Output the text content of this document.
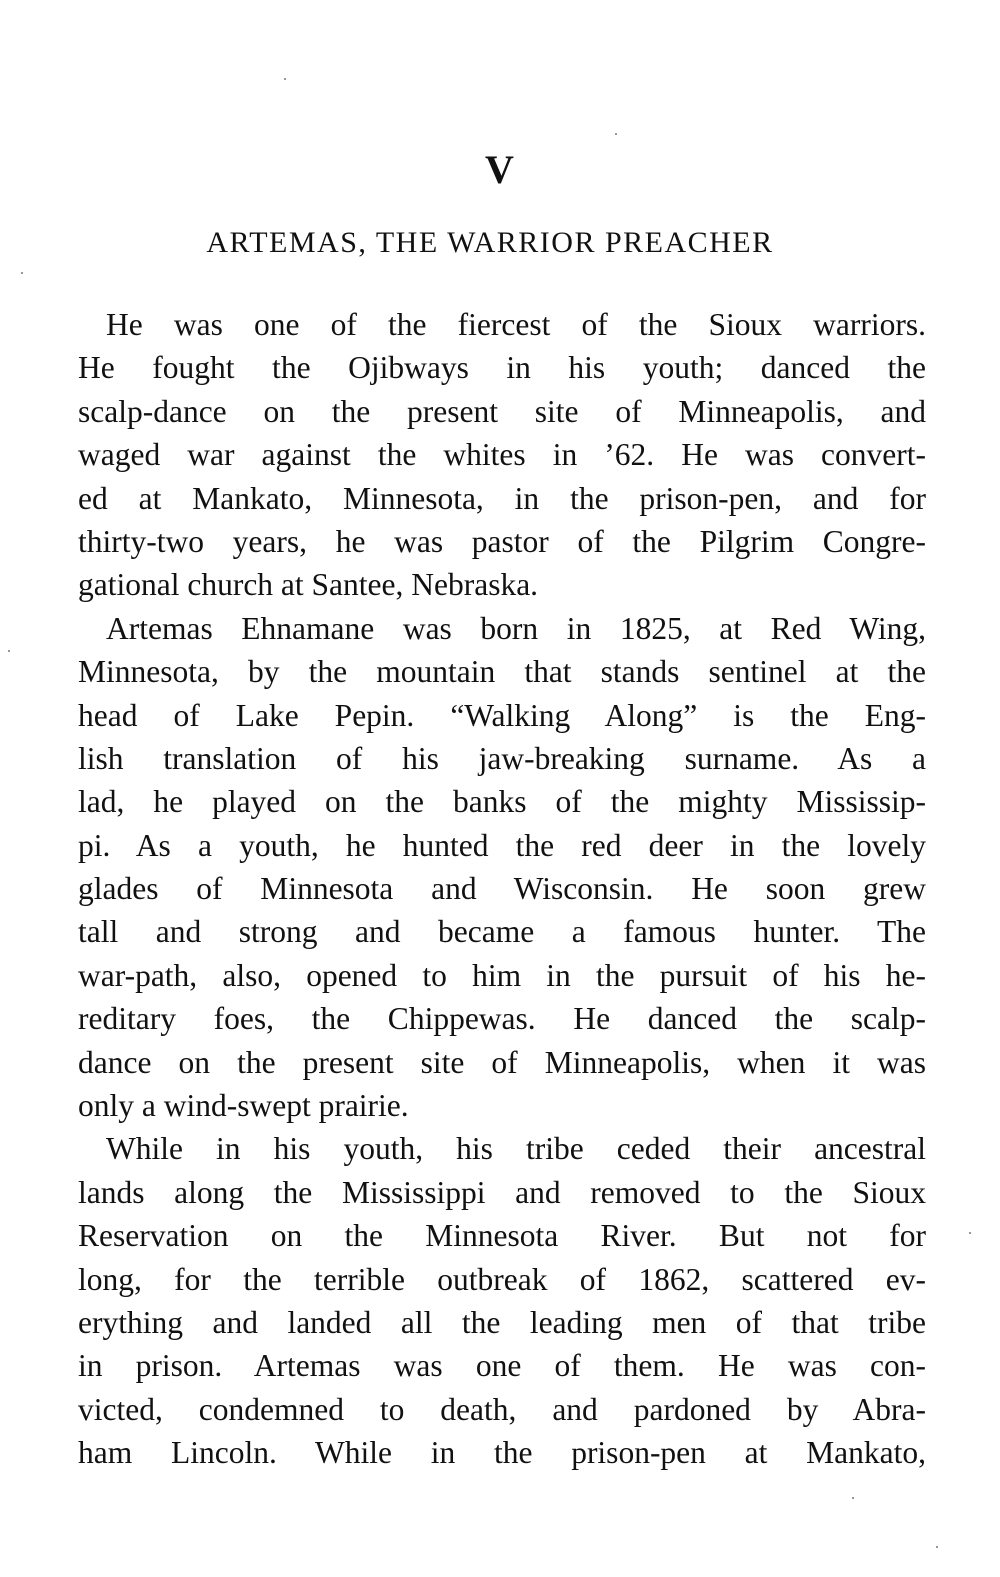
V
ARTEMAS, THE WARRIOR PREACHER
He was one of the fiercest of the Sioux warriors.
He fought the Ojibways in his youth; danced the
scalp-dance on the present site of Minneapolis, and
waged war against the whites in ’62. He was convert-
ed at Mankato, Minnesota, in the prison-pen, and for
thirty-two years, he was pastor of the Pilgrim Congre-
gational church at Santee, Nebraska.
Artemas Ehnamane was born in 1825, at Red Wing,
Minnesota, by the mountain that stands sentinel at the
head of Lake Pepin. “Walking Along” is the Eng-
lish translation of his jaw-breaking surname. As a
lad, he played on the banks of the mighty Mississip-
pi. As a youth, he hunted the red deer in the lovely
glades of Minnesota and Wisconsin. He soon grew
tall and strong and became a famous hunter. The
war-path, also, opened to him in the pursuit of his he-
reditary foes, the Chippewas. He danced the scalp-
dance on the present site of Minneapolis, when it was
only a wind-swept prairie.
While in his youth, his tribe ceded their ancestral
lands along the Mississippi and removed to the Sioux
Reservation on the Minnesota River. But not for
long, for the terrible outbreak of 1862, scattered ev-
erything and landed all the leading men of that tribe
in prison. Artemas was one of them. He was con-
victed, condemned to death, and pardoned by Abra-
ham Lincoln. While in the prison-pen at Mankato,
